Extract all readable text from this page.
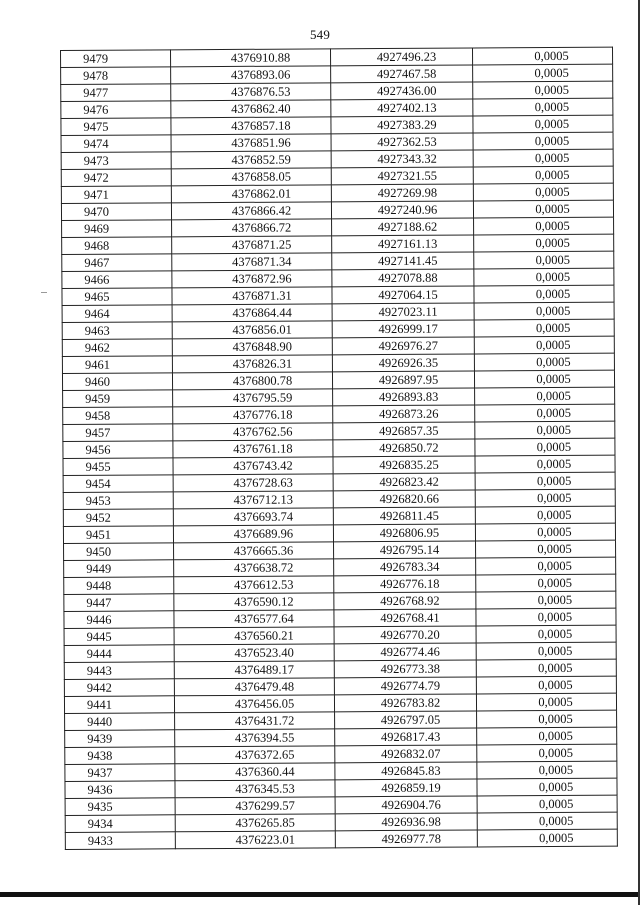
549
9479	4376910.88	4927496.23	0,0005
9478	4376893.06	4927467.58	0,0005
9477	4376876.53	4927436.00	0,0005
9476	4376862.40	4927402.13	0,0005
9475	4376857.18	4927383.29	0,0005
9474	4376851.96	4927362.53	0,0005
9473	4376852.59	4927343.32	0,0005
9472	4376858.05	4927321.55	0,0005
9471	4376862.01	4927269.98	0,0005
9470	4376866.42	4927240.96	0,0005
9469	4376866.72	4927188.62	0,0005
9468	4376871.25	4927161.13	0,0005
9467	4376871.34	4927141.45	0,0005
9466	4376872.96	4927078.88	0,0005
9465	4376871.31	4927064.15	0,0005
9464	4376864.44	4927023.11	0,0005
9463	4376856.01	4926999.17	0,0005
9462	4376848.90	4926976.27	0,0005
9461	4376826.31	4926926.35	0,0005
9460	4376800.78	4926897.95	0,0005
9459	4376795.59	4926893.83	0,0005
9458	4376776.18	4926873.26	0,0005
9457	4376762.56	4926857.35	0,0005
9456	4376761.18	4926850.72	0,0005
9455	4376743.42	4926835.25	0,0005
9454	4376728.63	4926823.42	0,0005
9453	4376712.13	4926820.66	0,0005
9452	4376693.74	4926811.45	0,0005
9451	4376689.96	4926806.95	0,0005
9450	4376665.36	4926795.14	0,0005
9449	4376638.72	4926783.34	0,0005
9448	4376612.53	4926776.18	0,0005
9447	4376590.12	4926768.92	0,0005
9446	4376577.64	4926768.41	0,0005
9445	4376560.21	4926770.20	0,0005
9444	4376523.40	4926774.46	0,0005
9443	4376489.17	4926773.38	0,0005
9442	4376479.48	4926774.79	0,0005
9441	4376456.05	4926783.82	0,0005
9440	4376431.72	4926797.05	0,0005
9439	4376394.55	4926817.43	0,0005
9438	4376372.65	4926832.07	0,0005
9437	4376360.44	4926845.83	0,0005
9436	4376345.53	4926859.19	0,0005
9435	4376299.57	4926904.76	0,0005
9434	4376265.85	4926936.98	0,0005
9433	4376223.01	4926977.78	0,0005
